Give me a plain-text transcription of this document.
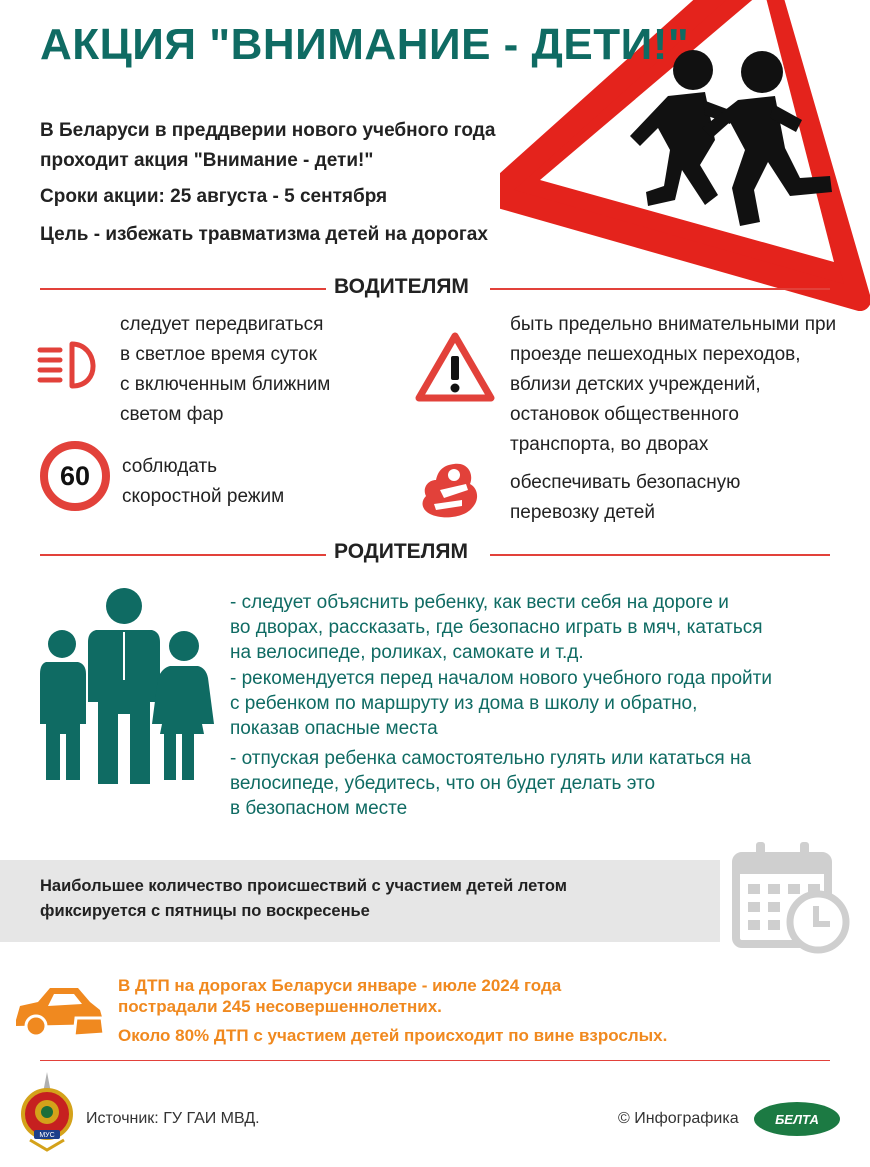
АКЦИЯ "ВНИМАНИЕ - ДЕТИ!"
В Беларуси в преддверии нового учебного года
проходит акция "Внимание - дети!"
Сроки акции: 25 августа - 5 сентября
Цель - избежать травматизма детей на дорогах
ВОДИТЕЛЯМ
следует передвигаться
в светлое время суток
с включенным ближним
светом фар
быть предельно внимательными при
проезде пешеходных переходов,
вблизи детских учреждений,
остановок общественного
транспорта, во дворах
60 соблюдать
скоростной режим
обеспечивать безопасную
перевозку детей
РОДИТЕЛЯМ
- следует объяснить ребенку, как вести себя на дороге и
во дворах, рассказать, где безопасно играть в мяч, кататься
на велосипеде, роликах, самокате и т.д.
- рекомендуется перед началом нового учебного года пройти
с ребенком по маршруту из дома в школу и обратно,
показав опасные места
- отпуская ребенка самостоятельно гулять или кататься на
велосипеде, убедитесь, что он будет делать это
в безопасном месте
Наибольшее количество происшествий с участием детей летом
фиксируется с пятницы по воскресенье
В ДТП на дорогах Беларуси январе - июле 2024 года
пострадали 245 несовершеннолетних.
Около 80% ДТП с участием детей происходит по вине взрослых.
МУС
Источник: ГУ ГАИ МВД.	© Инфографика	БЕЛТА
